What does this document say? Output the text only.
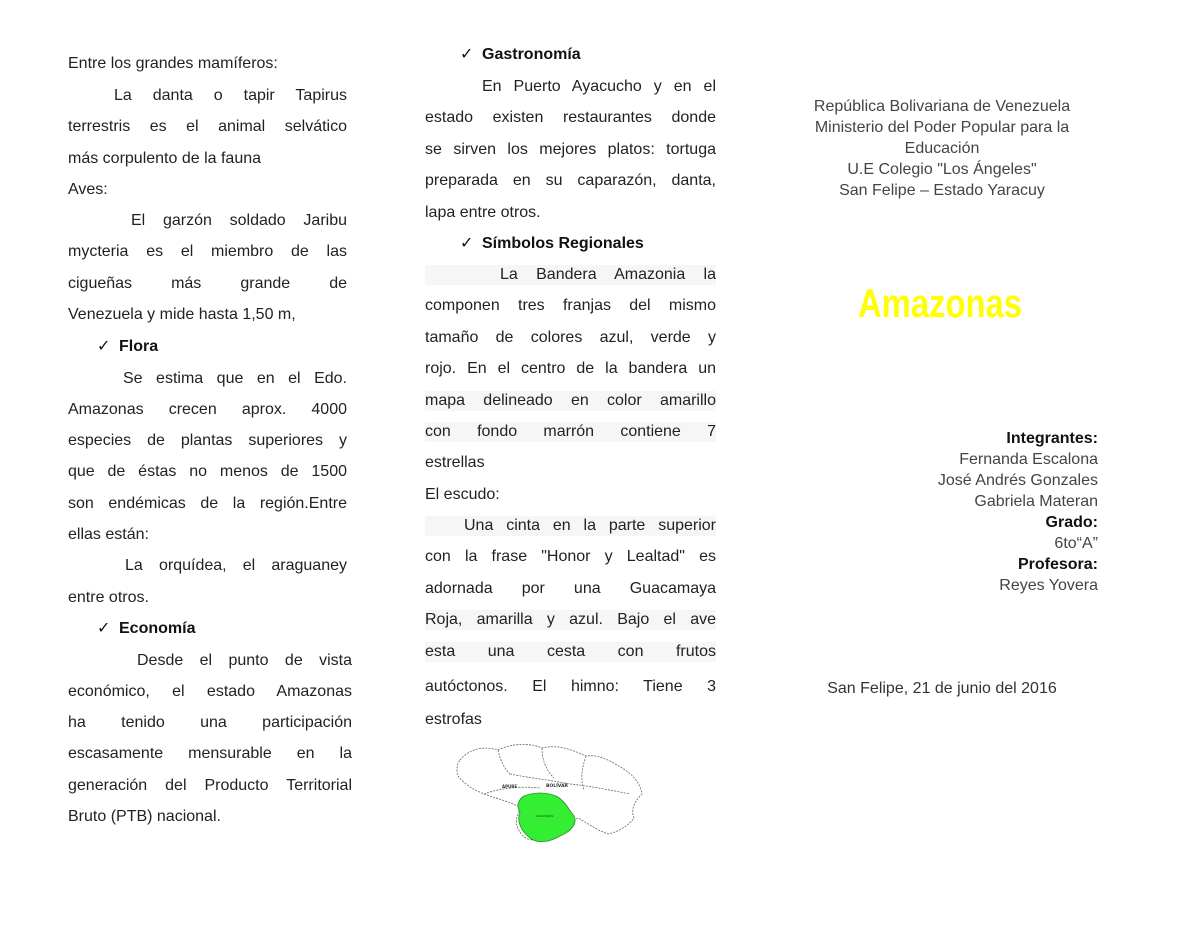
Entre los grandes mamíferos:
La danta o tapir Tapirus
terrestris es el animal selvático
más corpulento de la fauna
Aves:
El garzón soldado Jaribu
mycteria es el miembro de las
cigueñas más grande de
Venezuela y mide hasta 1,50 m,
✓ Flora
Se estima que en el Edo.
Amazonas crecen aprox. 4000
especies de plantas superiores y
que de éstas no menos de 1500
son endémicas de la región.Entre
ellas están:
La orquídea, el araguaney
entre otros.
✓ Economía
Desde el punto de vista
económico, el estado Amazonas
ha tenido una participación
escasamente mensurable en la
generación del Producto Territorial
Bruto (PTB) nacional.
✓ Gastronomía
En Puerto Ayacucho y en el
estado existen restaurantes donde
se sirven los mejores platos: tortuga
preparada en su caparazón, danta,
lapa entre otros.
✓ Símbolos Regionales
La Bandera Amazonia la
componen tres franjas del mismo
tamaño de colores azul, verde y
rojo. En el centro de la bandera un
mapa delineado en color amarillo
con fondo marrón contiene 7
estrellas
El escudo:
Una cinta en la parte superior
con la frase "Honor y Lealtad" es
adornada por una Guacamaya
Roja, amarilla y azul. Bajo el ave
esta una cesta con frutos
autóctonos. El himno: Tiene 3
estrofas
APURE	BOLÍVAR
AMAZONAS
República Bolivariana de Venezuela
Ministerio del Poder Popular para la
Educación
U.E Colegio "Los Ángeles"
San Felipe – Estado Yaracuy
Amazonas
Integrantes:
Fernanda Escalona
José Andrés Gonzales
Gabriela Materan
Grado:
6to“A”
Profesora:
Reyes Yovera
San Felipe, 21 de junio del 2016
